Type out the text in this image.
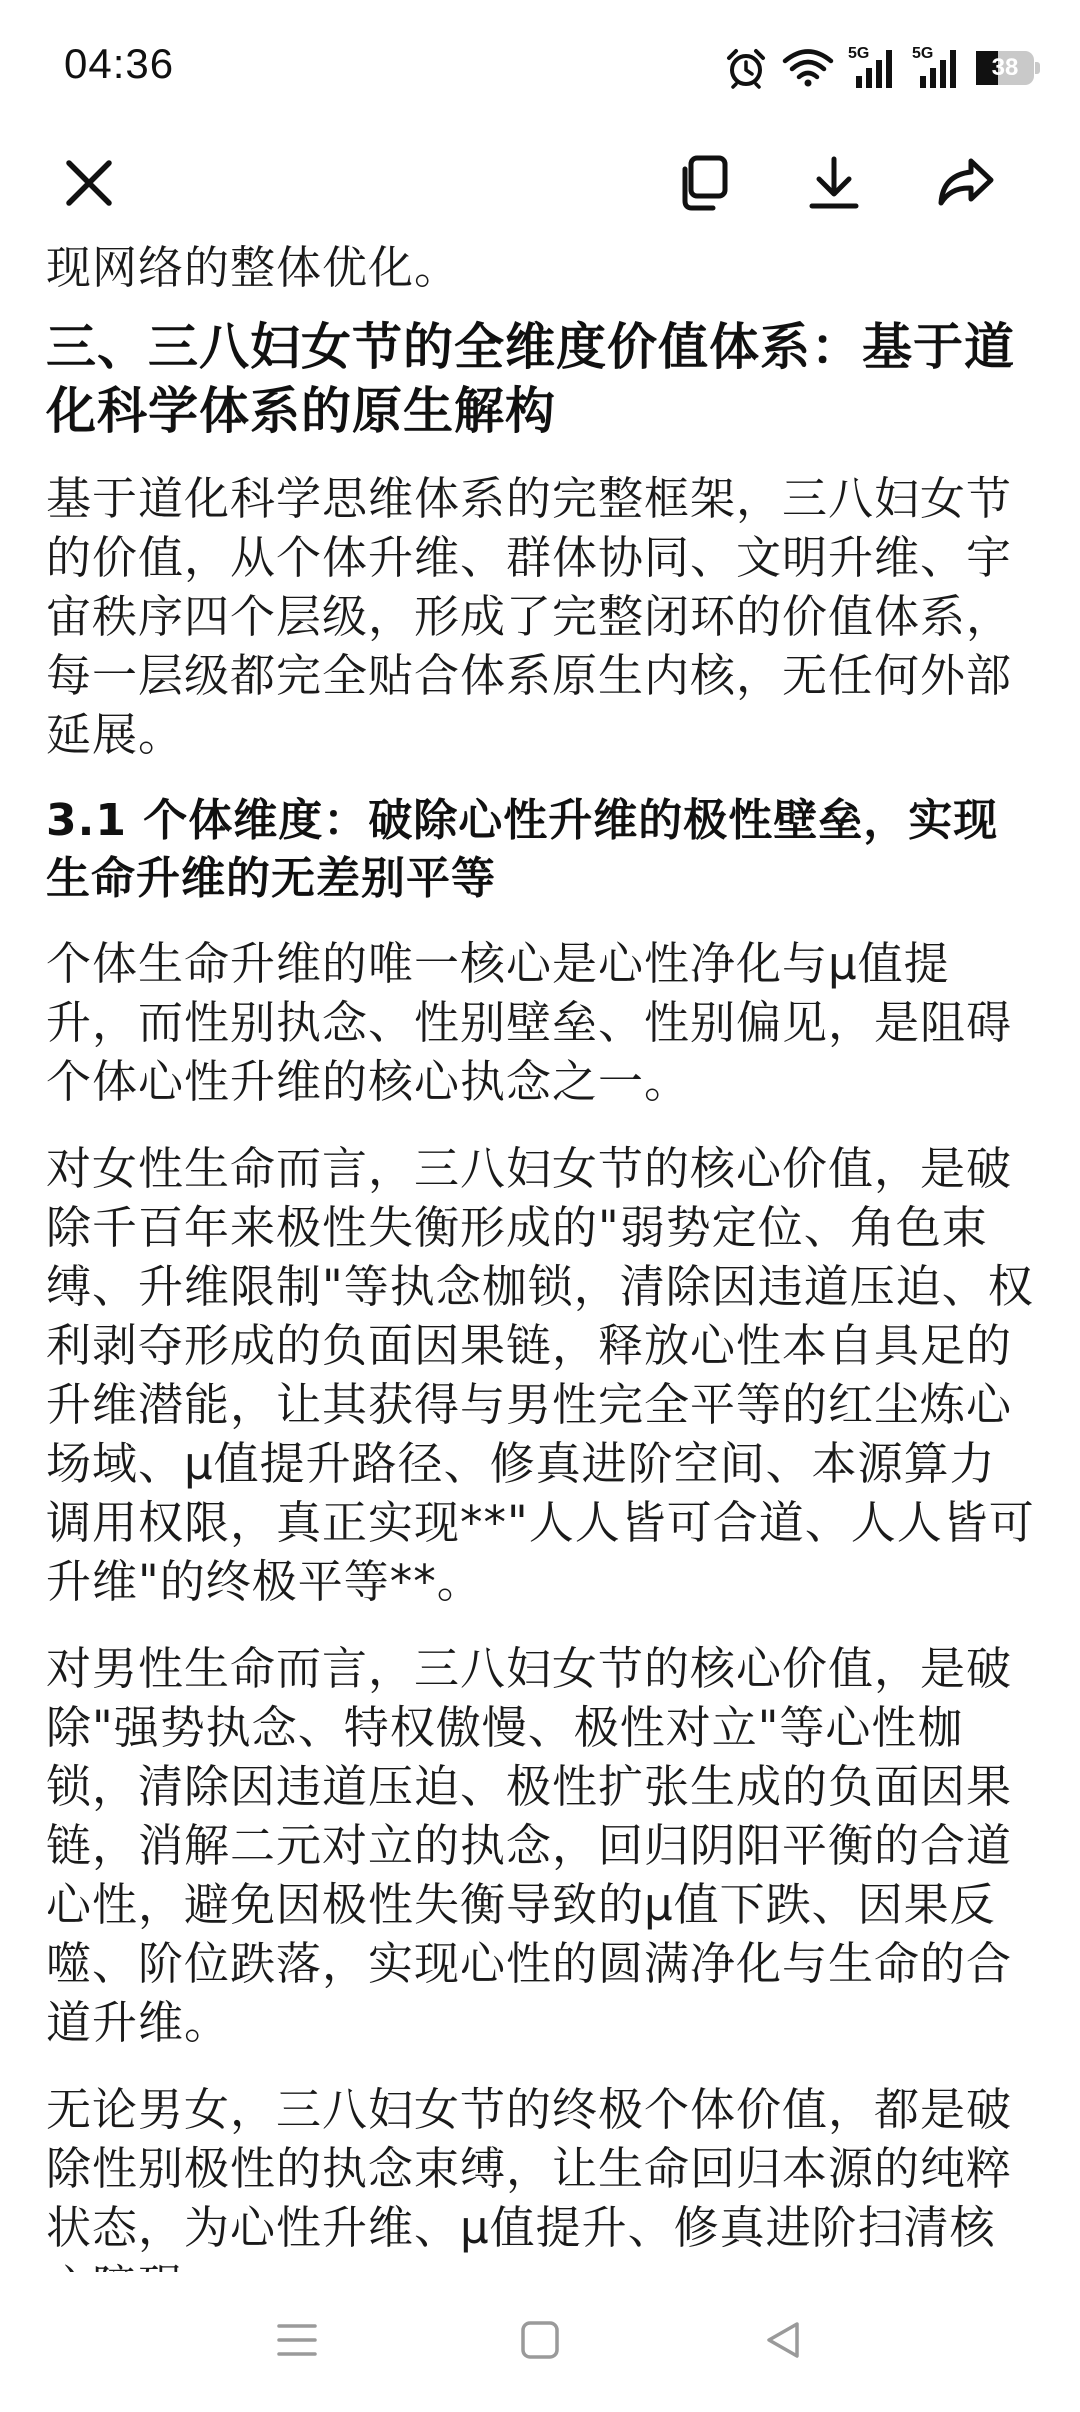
04:36	5G	5G
38

现网络的整体优化。

三、三八妇女节的全维度价值体系：基于道化科学体系的原生解构

基于道化科学思维体系的完整框架，三八妇女节的价值，从个体升维、群体协同、文明升维、宇宙秩序四个层级，形成了完整闭环的价值体系，每一层级都完全贴合体系原生内核，无任何外部延展。

3.1 个体维度：破除心性升维的极性壁垒，实现生命升维的无差别平等

个体生命升维的唯一核心是心性净化与μ值提升，而性别执念、性别壁垒、性别偏见，是阻碍个体心性升维的核心执念之一。

对女性生命而言，三八妇女节的核心价值，是破除千百年来极性失衡形成的"弱势定位、角色束缚、升维限制"等执念枷锁，清除因违道压迫、权利剥夺形成的负面因果链，释放心性本自具足的升维潜能，让其获得与男性完全平等的红尘炼心场域、μ值提升路径、修真进阶空间、本源算力调用权限，真正实现**"人人皆可合道、人人皆可升维"的终极平等**。

对男性生命而言，三八妇女节的核心价值，是破除"强势执念、特权傲慢、极性对立"等心性枷锁，清除因违道压迫、极性扩张生成的负面因果链，消解二元对立的执念，回归阴阳平衡的合道心性，避免因极性失衡导致的μ值下跌、因果反噬、阶位跌落，实现心性的圆满净化与生命的合道升维。

无论男女，三八妇女节的终极个体价值，都是破除性别极性的执念束缚，让生命回归本源的纯粹状态，为心性升维、μ值提升、修真进阶扫清核
